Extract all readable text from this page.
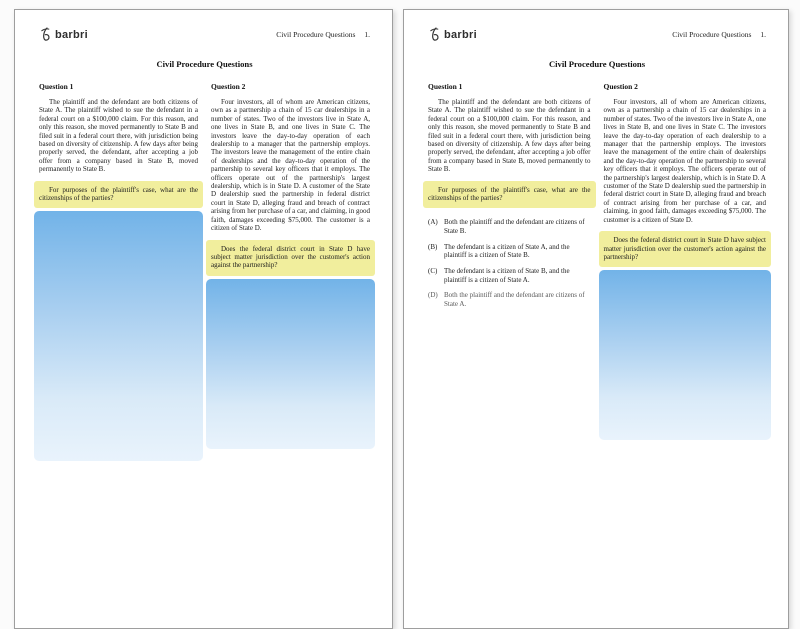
barbri	Civil Procedure Questions 1.
Civil Procedure Questions
Question 1

The plaintiff and the defendant are both citizens of State A. The plaintiff wished to sue the defendant in a federal court on a $100,000 claim. For this reason, and only this reason, she moved permanently to State B and filed suit in a federal court there, with jurisdiction being based on diversity of citizenship. A few days after being properly served, the defendant, after accepting a job offer from a company based in State B, moved permanently to State B.

For purposes of the plaintiff's case, what are the citizenships of the parties?
Question 2

Four investors, all of whom are American citizens, own as a partnership a chain of 15 car dealerships in a number of states. Two of the investors live in State A, one lives in State B, and one lives in State C. The investors leave the day-to-day operation of each dealership to a manager that the partnership employs. The investors leave the management of the entire chain of dealerships and the day-to-day operation of the partnership to several key officers that it employs. The officers operate out of the partnership's largest dealership, which is in State D. A customer of the State D dealership sued the partnership in federal district court in State D, alleging fraud and breach of contract arising from her purchase of a car, and claiming, in good faith, damages exceeding $75,000. The customer is a citizen of State D.

Does the federal district court in State D have subject matter jurisdiction over the customer's action against the partnership?
barbri	Civil Procedure Questions 1.
Civil Procedure Questions
Question 1

The plaintiff and the defendant are both citizens of State A. The plaintiff wished to sue the defendant in a federal court on a $100,000 claim. For this reason, and only this reason, she moved permanently to State B and filed suit in a federal court there, with jurisdiction being based on diversity of citizenship. A few days after being properly served, the defendant, after accepting a job offer from a company based in State B, moved permanently to State B.

For purposes of the plaintiff's case, what are the citizenships of the parties?
(A) Both the plaintiff and the defendant are citizens of State B.
(B) The defendant is a citizen of State A, and the plaintiff is a citizen of State B.
(C) The defendant is a citizen of State B, and the plaintiff is a citizen of State A.
(D) Both the plaintiff and the defendant are citizens of State A.
Question 2

Four investors, all of whom are American citizens, own as a partnership a chain of 15 car dealerships in a number of states. Two of the investors live in State A, one lives in State B, and one lives in State C. The investors leave the day-to-day operation of each dealership to a manager that the partnership employs. The investors leave the management of the entire chain of dealerships and the day-to-day operation of the partnership to several key officers that it employs. The officers operate out of the partnership's largest dealership, which is in State D. A customer of the State D dealership sued the partnership in federal district court in State D, alleging fraud and breach of contract arising from her purchase of a car, and claiming, in good faith, damages exceeding $75,000. The customer is a citizen of State D.

Does the federal district court in State D have subject matter jurisdiction over the customer's action against the partnership?
